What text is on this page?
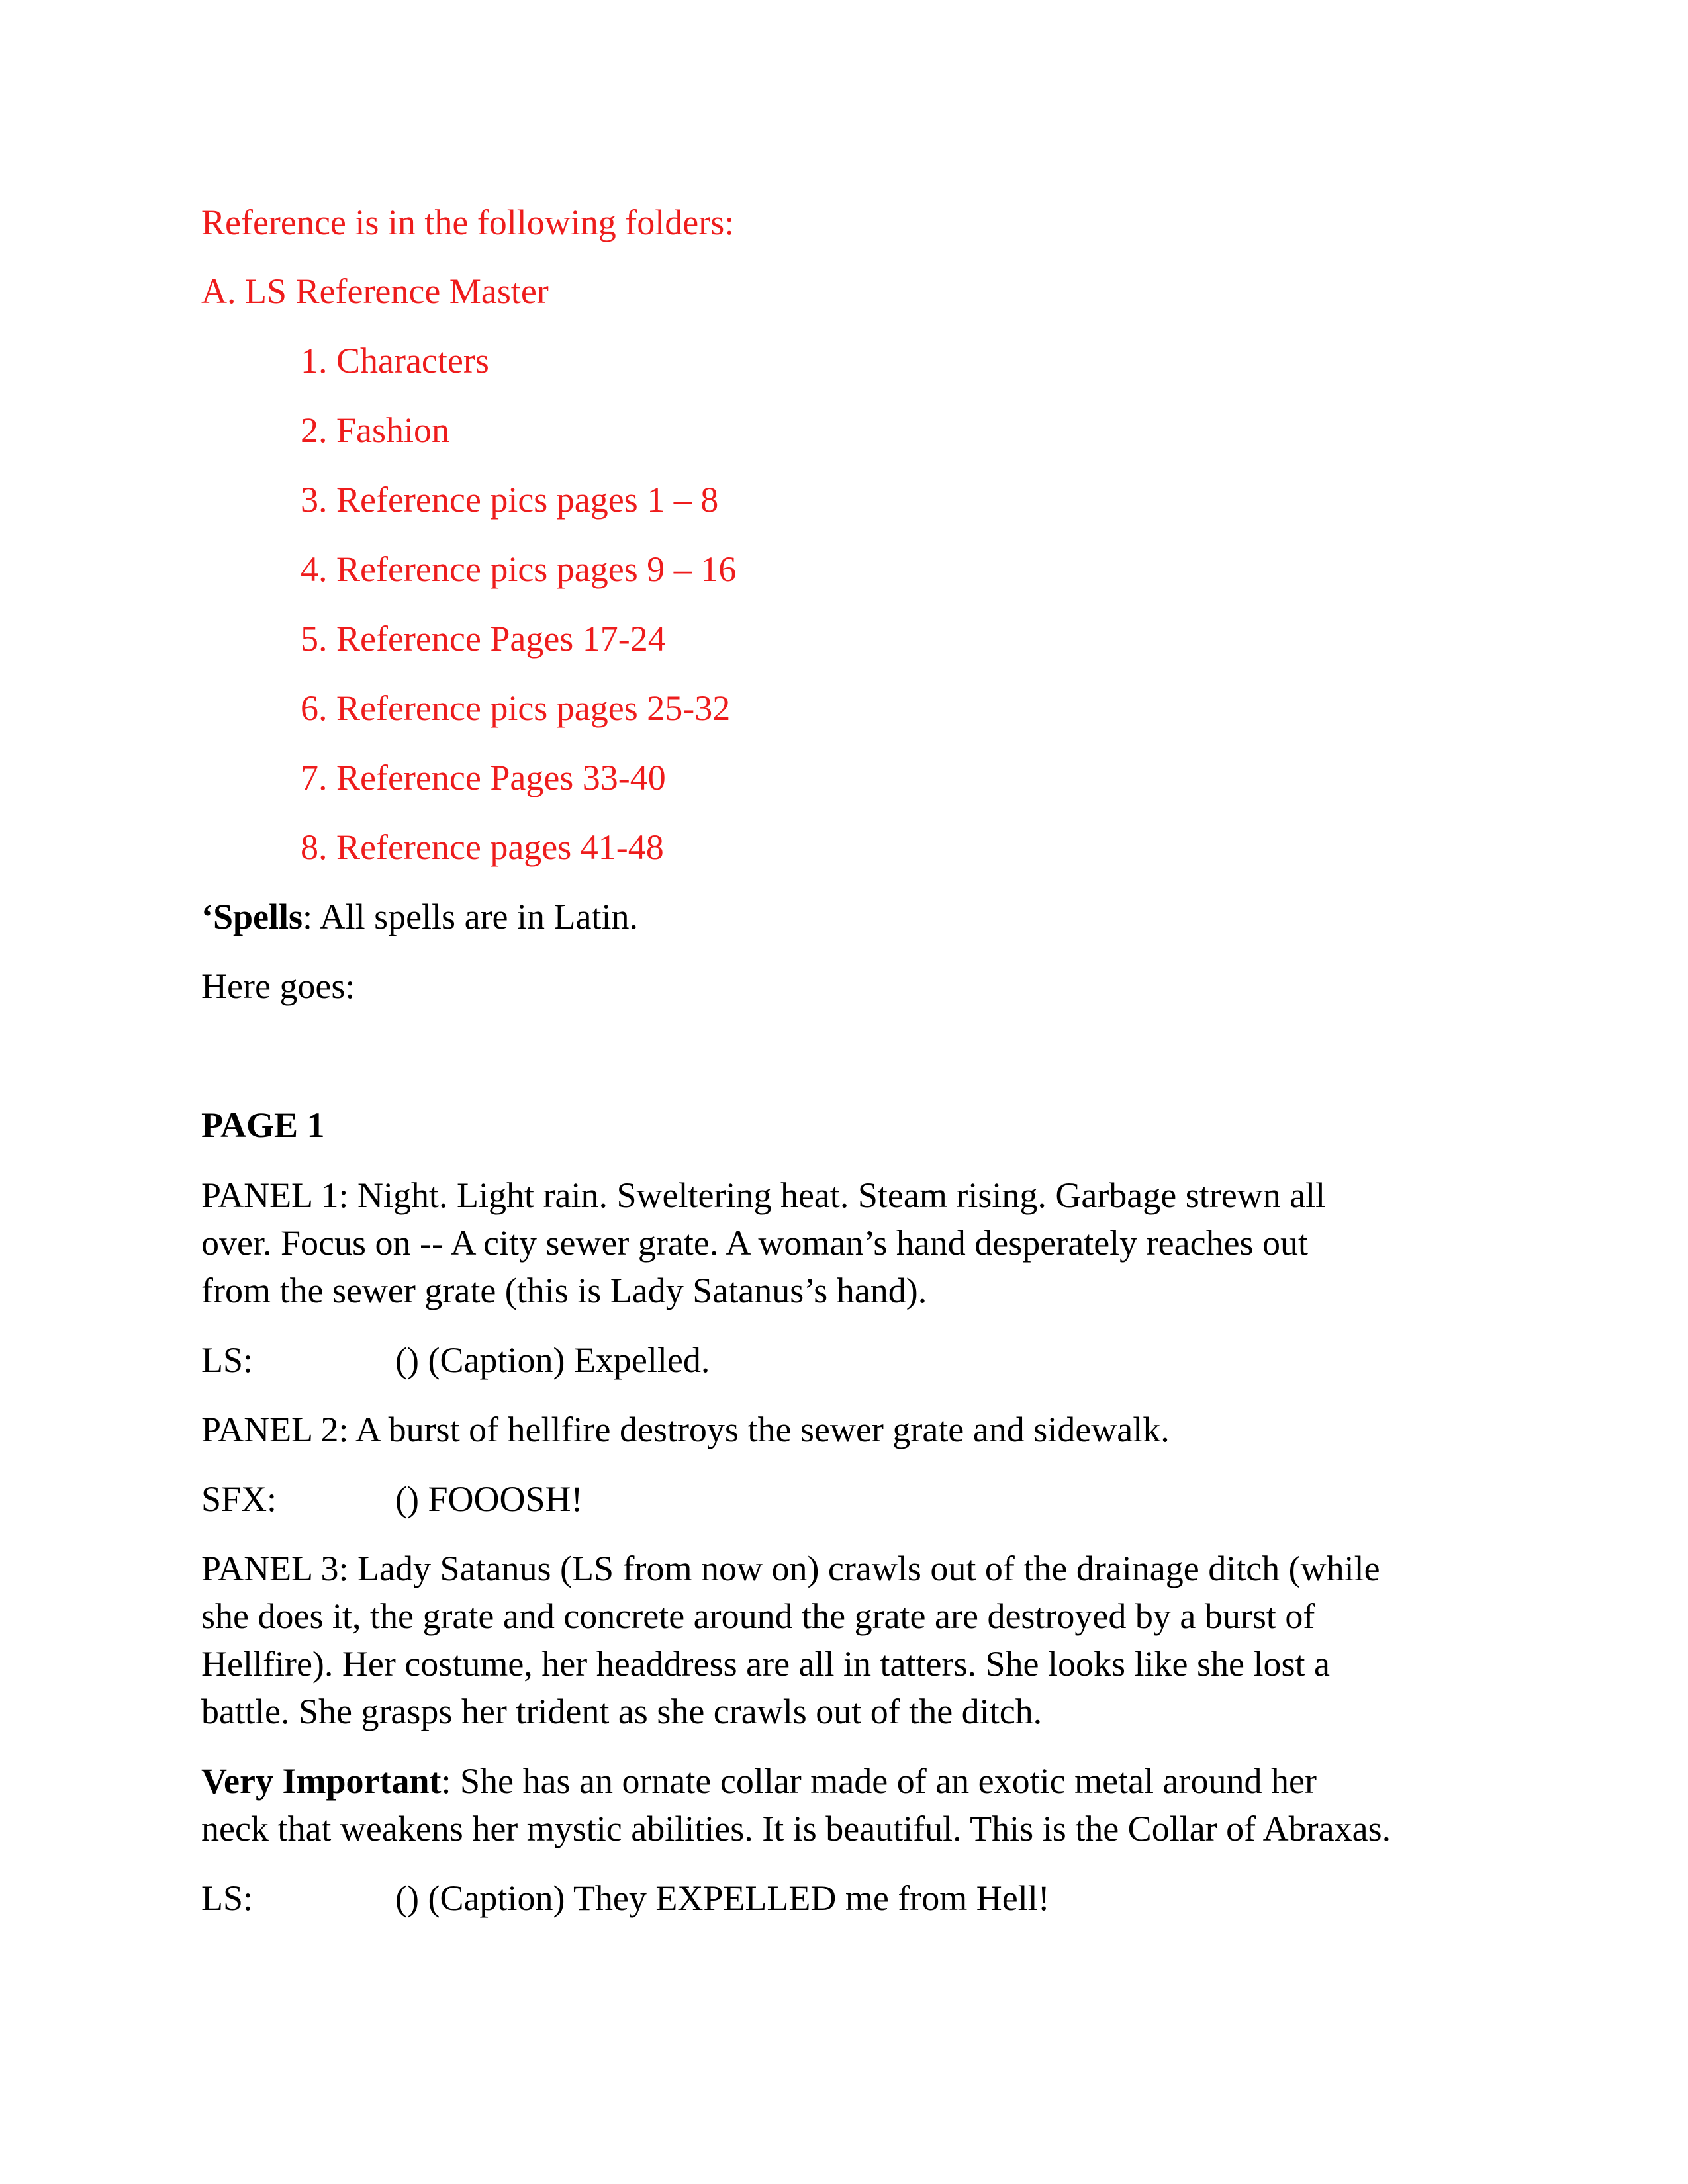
Reference is in the following folders:

A. LS Reference Master

1. Characters

2. Fashion

3. Reference pics pages 1 – 8

4. Reference pics pages 9 – 16

5. Reference Pages 17-24

6. Reference pics pages 25-32

7. Reference Pages 33-40

8. Reference pages 41-48

‘Spells: All spells are in Latin.

Here goes:

PAGE 1

PANEL 1: Night. Light rain. Sweltering heat. Steam rising. Garbage strewn all

over. Focus on -- A city sewer grate. A woman’s hand desperately reaches out

from the sewer grate (this is Lady Satanus’s hand).

LS:	() (Caption) Expelled.

PANEL 2: A burst of hellfire destroys the sewer grate and sidewalk.

SFX:	() FOOOSH!

PANEL 3: Lady Satanus (LS from now on) crawls out of the drainage ditch (while

she does it, the grate and concrete around the grate are destroyed by a burst of

Hellfire). Her costume, her headdress are all in tatters. She looks like she lost a

battle. She grasps her trident as she crawls out of the ditch.

Very Important: She has an ornate collar made of an exotic metal around her

neck that weakens her mystic abilities. It is beautiful. This is the Collar of Abraxas.

LS:	() (Caption) They EXPELLED me from Hell!
